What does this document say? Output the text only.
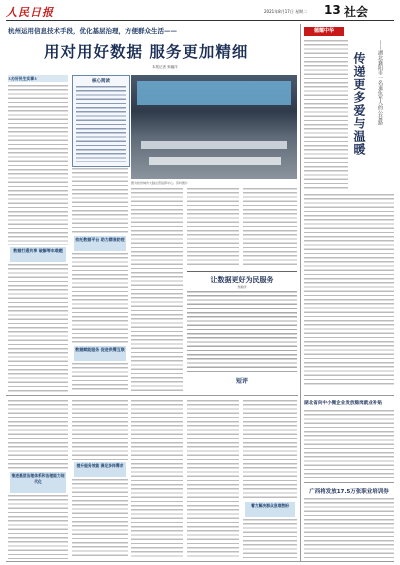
人民日报	2021年8月17日 星期二 13 社会
杭州运用信息技术手段，优化基层治理，方便群众生活——
用对用好数据 服务更加精细
本报记者 窦瀚洋
①办好民生实事①
数据打通共享 破解等车难题
核心阅读
图为杭州城市大脑运营指挥中心。资料图片
依托数据平台 助力精准防疫
数据赋能服务 促进供需互联
让数据更好为民服务
窦瀚洋
短评
推进基层治理体系和治理能力现代化
提升服务效能 满足多样需求
着力解决群众急难愁盼
德耀中华
传递更多爱与温暖	——湖北襄阳市一名退伍军人的公益路
湖北省向中小微企业发放稳岗就业补贴
广西将发放17.5万张职业培训券
